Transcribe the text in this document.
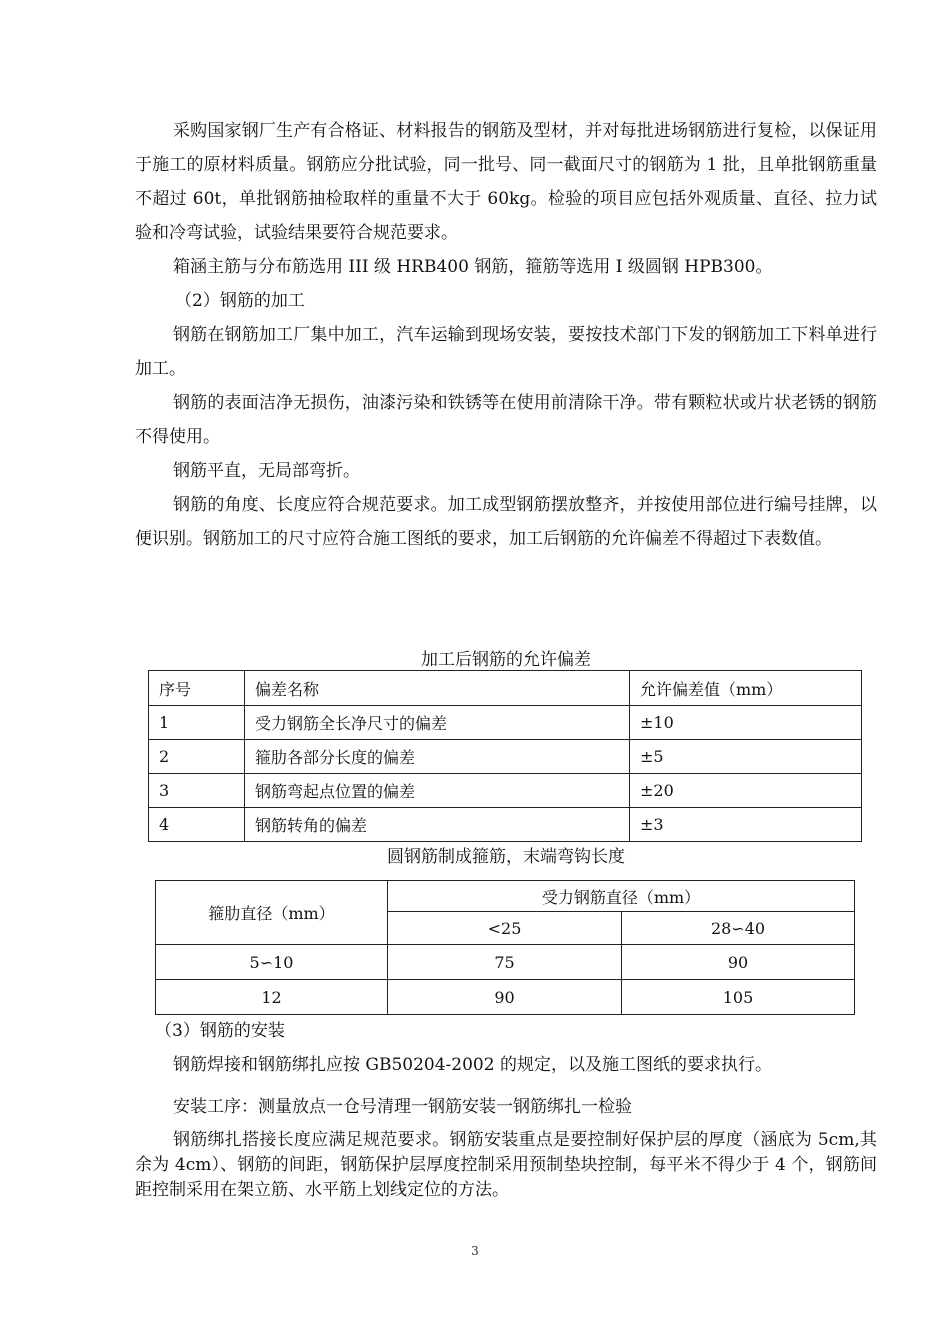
采购国家钢厂生产有合格证、材料报告的钢筋及型材，并对每批进场钢筋进行复检，以保证用于施工的原材料质量。钢筋应分批试验，同一批号、同一截面尺寸的钢筋为 1 批，且单批钢筋重量不超过 60t，单批钢筋抽检取样的重量不大于 60kg。检验的项目应包括外观质量、直径、拉力试验和冷弯试验，试验结果要符合规范要求。

箱涵主筋与分布筋选用 III 级 HRB400 钢筋，箍筋等选用 I 级圆钢 HPB300。

（2）钢筋的加工

钢筋在钢筋加工厂集中加工，汽车运输到现场安装，要按技术部门下发的钢筋加工下料单进行加工。

钢筋的表面洁净无损伤，油漆污染和铁锈等在使用前清除干净。带有颗粒状或片状老锈的钢筋不得使用。

钢筋平直，无局部弯折。

钢筋的角度、长度应符合规范要求。加工成型钢筋摆放整齐，并按使用部位进行编号挂牌，以便识别。钢筋加工的尺寸应符合施工图纸的要求，加工后钢筋的允许偏差不得超过下表数值。

加工后钢筋的允许偏差

序号	偏差名称	允许偏差值（mm）
1	受力钢筋全长净尺寸的偏差	±10
2	箍肋各部分长度的偏差	±5
3	钢筋弯起点位置的偏差	±20
4	钢筋转角的偏差	±3

圆钢筋制成箍筋，末端弯钩长度

箍肋直径（mm）	受力钢筋直径（mm）	
	<25	28∽40
5∽10	75	90
12	90	105

（3）钢筋的安装

钢筋焊接和钢筋绑扎应按 GB50204-2002 的规定，以及施工图纸的要求执行。

安装工序：测量放点一仓号清理一钢筋安装一钢筋绑扎一检验

钢筋绑扎搭接长度应满足规范要求。钢筋安装重点是要控制好保护层的厚度（涵底为 5cm,其余为 4cm）、钢筋的间距，钢筋保护层厚度控制采用预制垫块控制，每平米不得少于 4 个，钢筋间距控制采用在架立筋、水平筋上划线定位的方法。

3
